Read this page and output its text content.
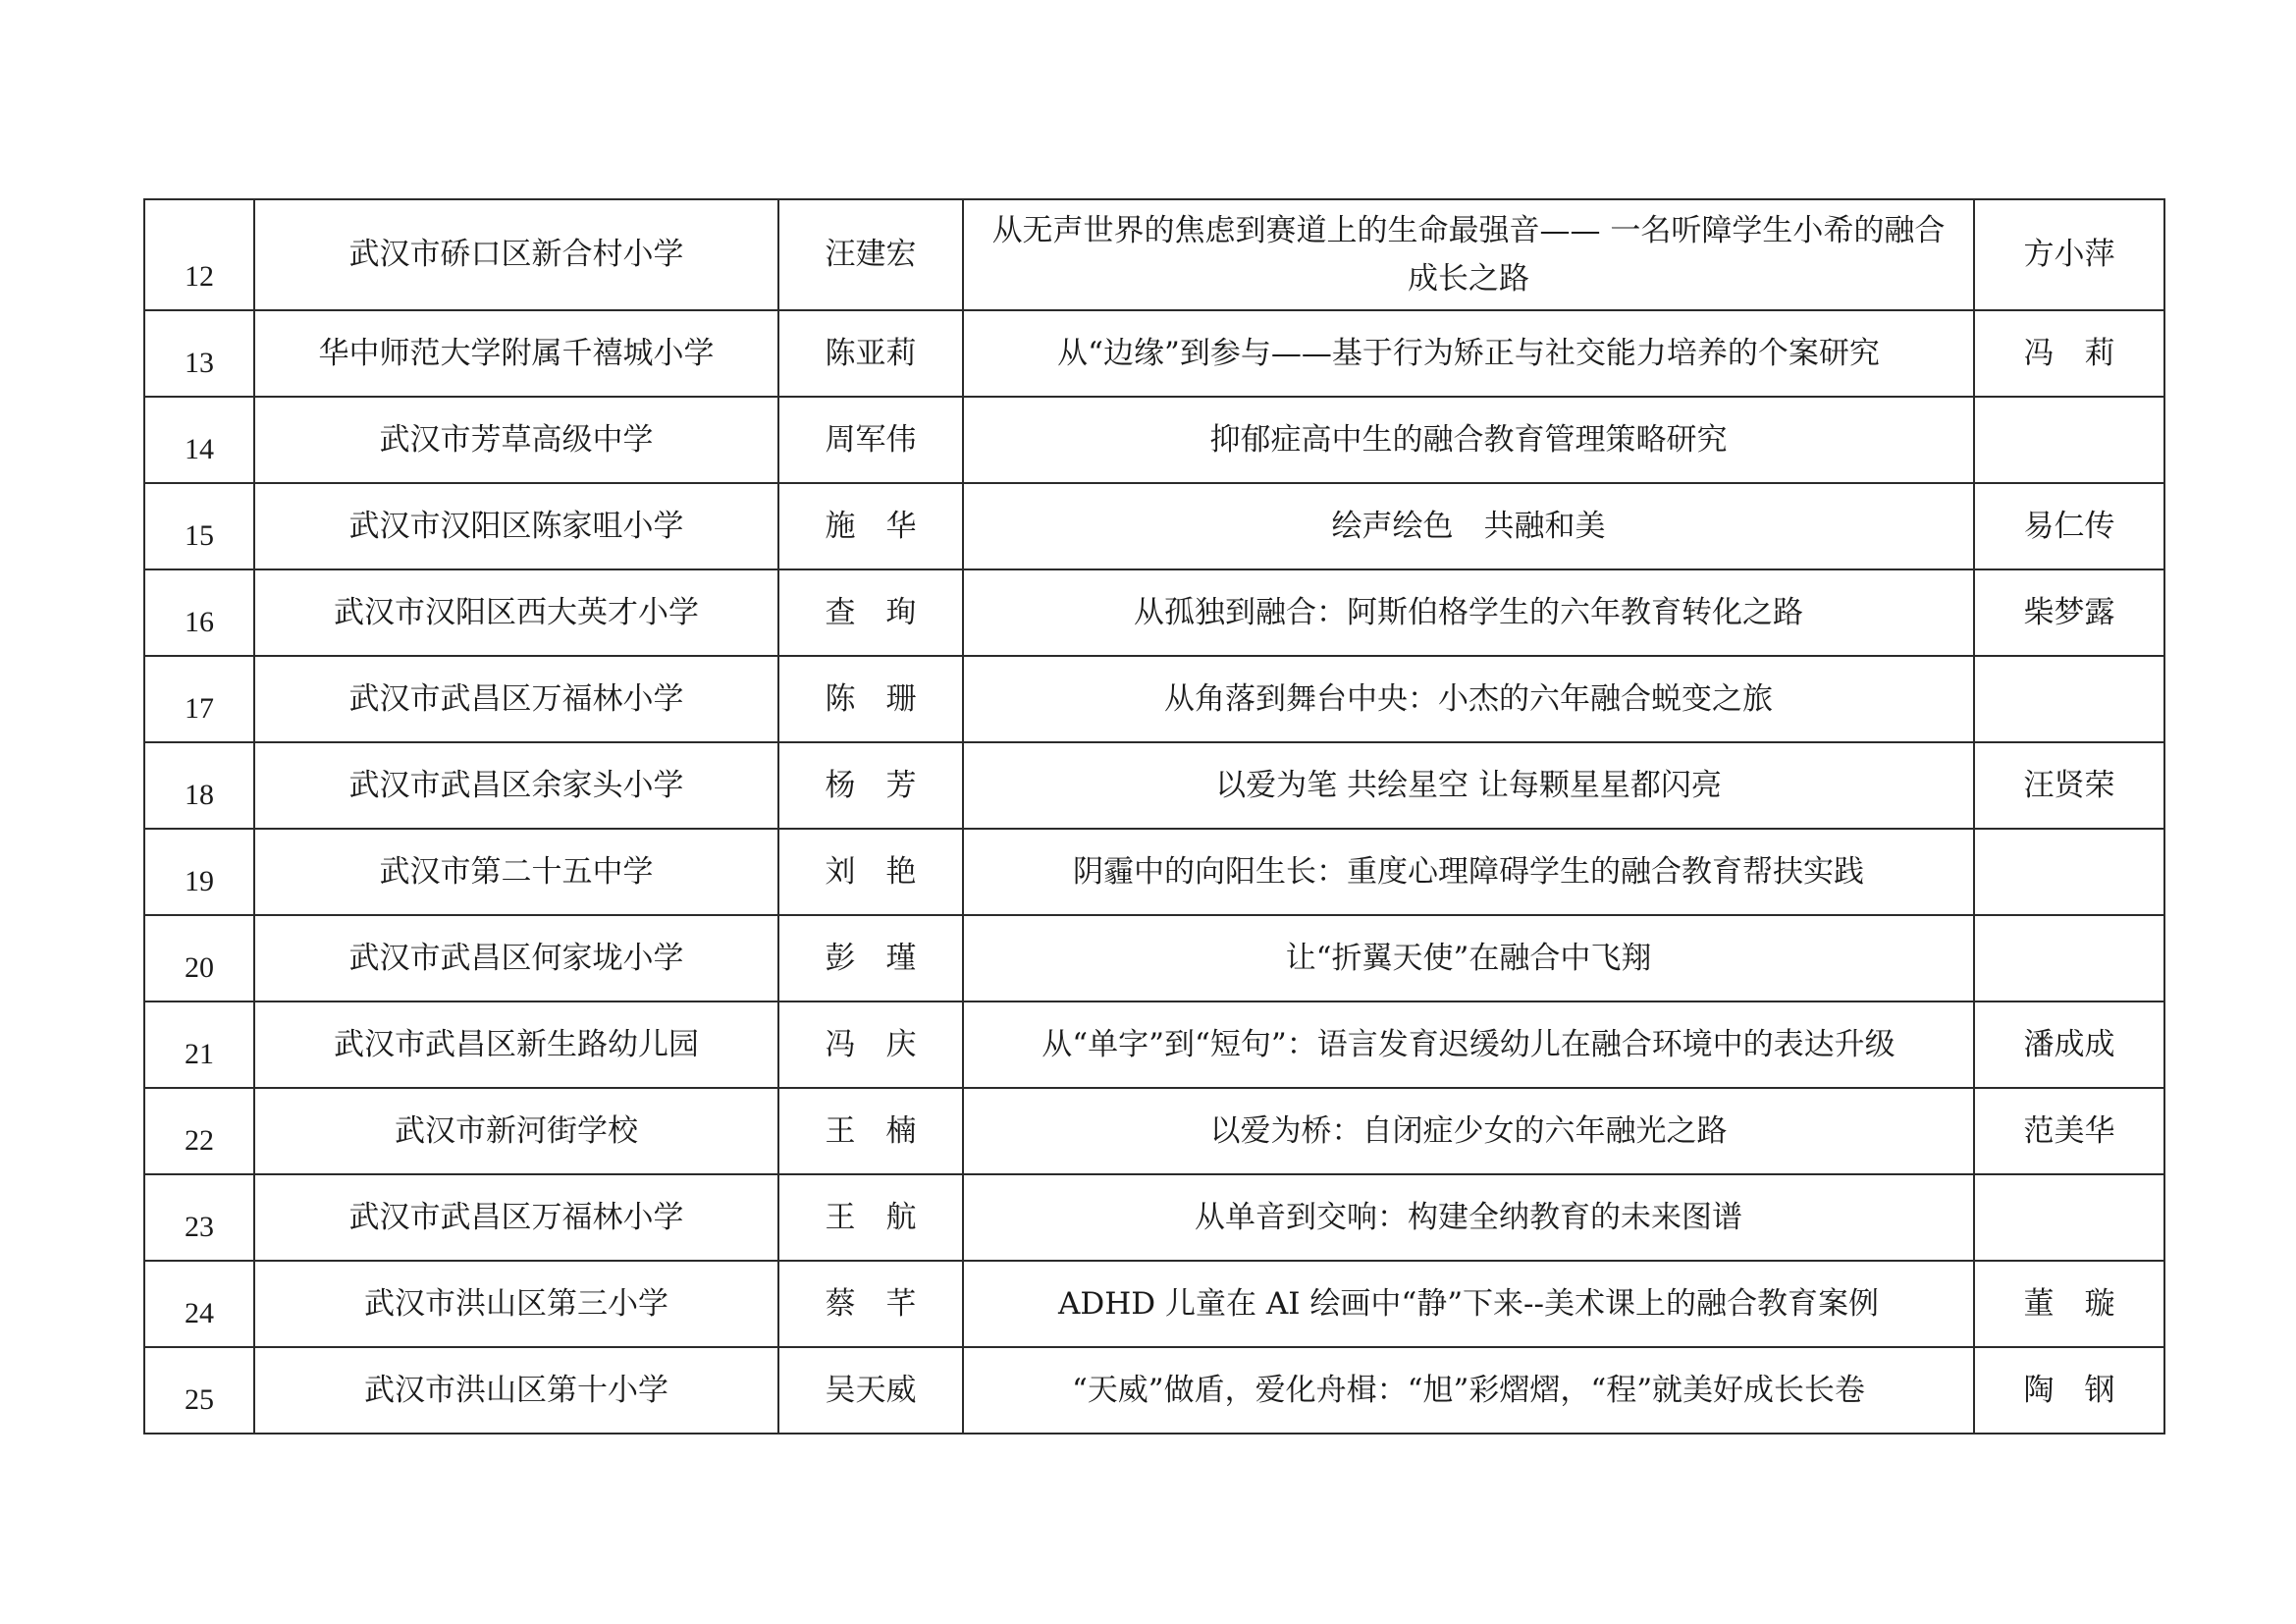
12	武汉市硚口区新合村小学	汪建宏	从无声世界的焦虑到赛道上的生命最强音—— 一名听障学生小希的融合成长之路	方小萍
13	华中师范大学附属千禧城小学	陈亚莉	从“边缘”到参与——基于行为矫正与社交能力培养的个案研究	冯　莉
14	武汉市芳草高级中学	周军伟	抑郁症高中生的融合教育管理策略研究	
15	武汉市汉阳区陈家咀小学	施　华	绘声绘色　共融和美	易仁传
16	武汉市汉阳区西大英才小学	查　珣	从孤独到融合：阿斯伯格学生的六年教育转化之路	柴梦露
17	武汉市武昌区万福林小学	陈　珊	从角落到舞台中央：小杰的六年融合蜕变之旅	
18	武汉市武昌区余家头小学	杨　芳	以爱为笔 共绘星空 让每颗星星都闪亮	汪贤荣
19	武汉市第二十五中学	刘　艳	阴霾中的向阳生长：重度心理障碍学生的融合教育帮扶实践	
20	武汉市武昌区何家垅小学	彭　瑾	让“折翼天使”在融合中飞翔	
21	武汉市武昌区新生路幼儿园	冯　庆	从“单字”到“短句”：语言发育迟缓幼儿在融合环境中的表达升级	潘成成
22	武汉市新河街学校	王　楠	以爱为桥：自闭症少女的六年融光之路	范美华
23	武汉市武昌区万福林小学	王　航	从单音到交响：构建全纳教育的未来图谱	
24	武汉市洪山区第三小学	蔡　芊	ADHD 儿童在 AI 绘画中“静”下来--美术课上的融合教育案例	董　璇
25	武汉市洪山区第十小学	吴天威	“天威”做盾，爱化舟楫：“旭”彩熠熠，“程”就美好成长长卷	陶　钢
